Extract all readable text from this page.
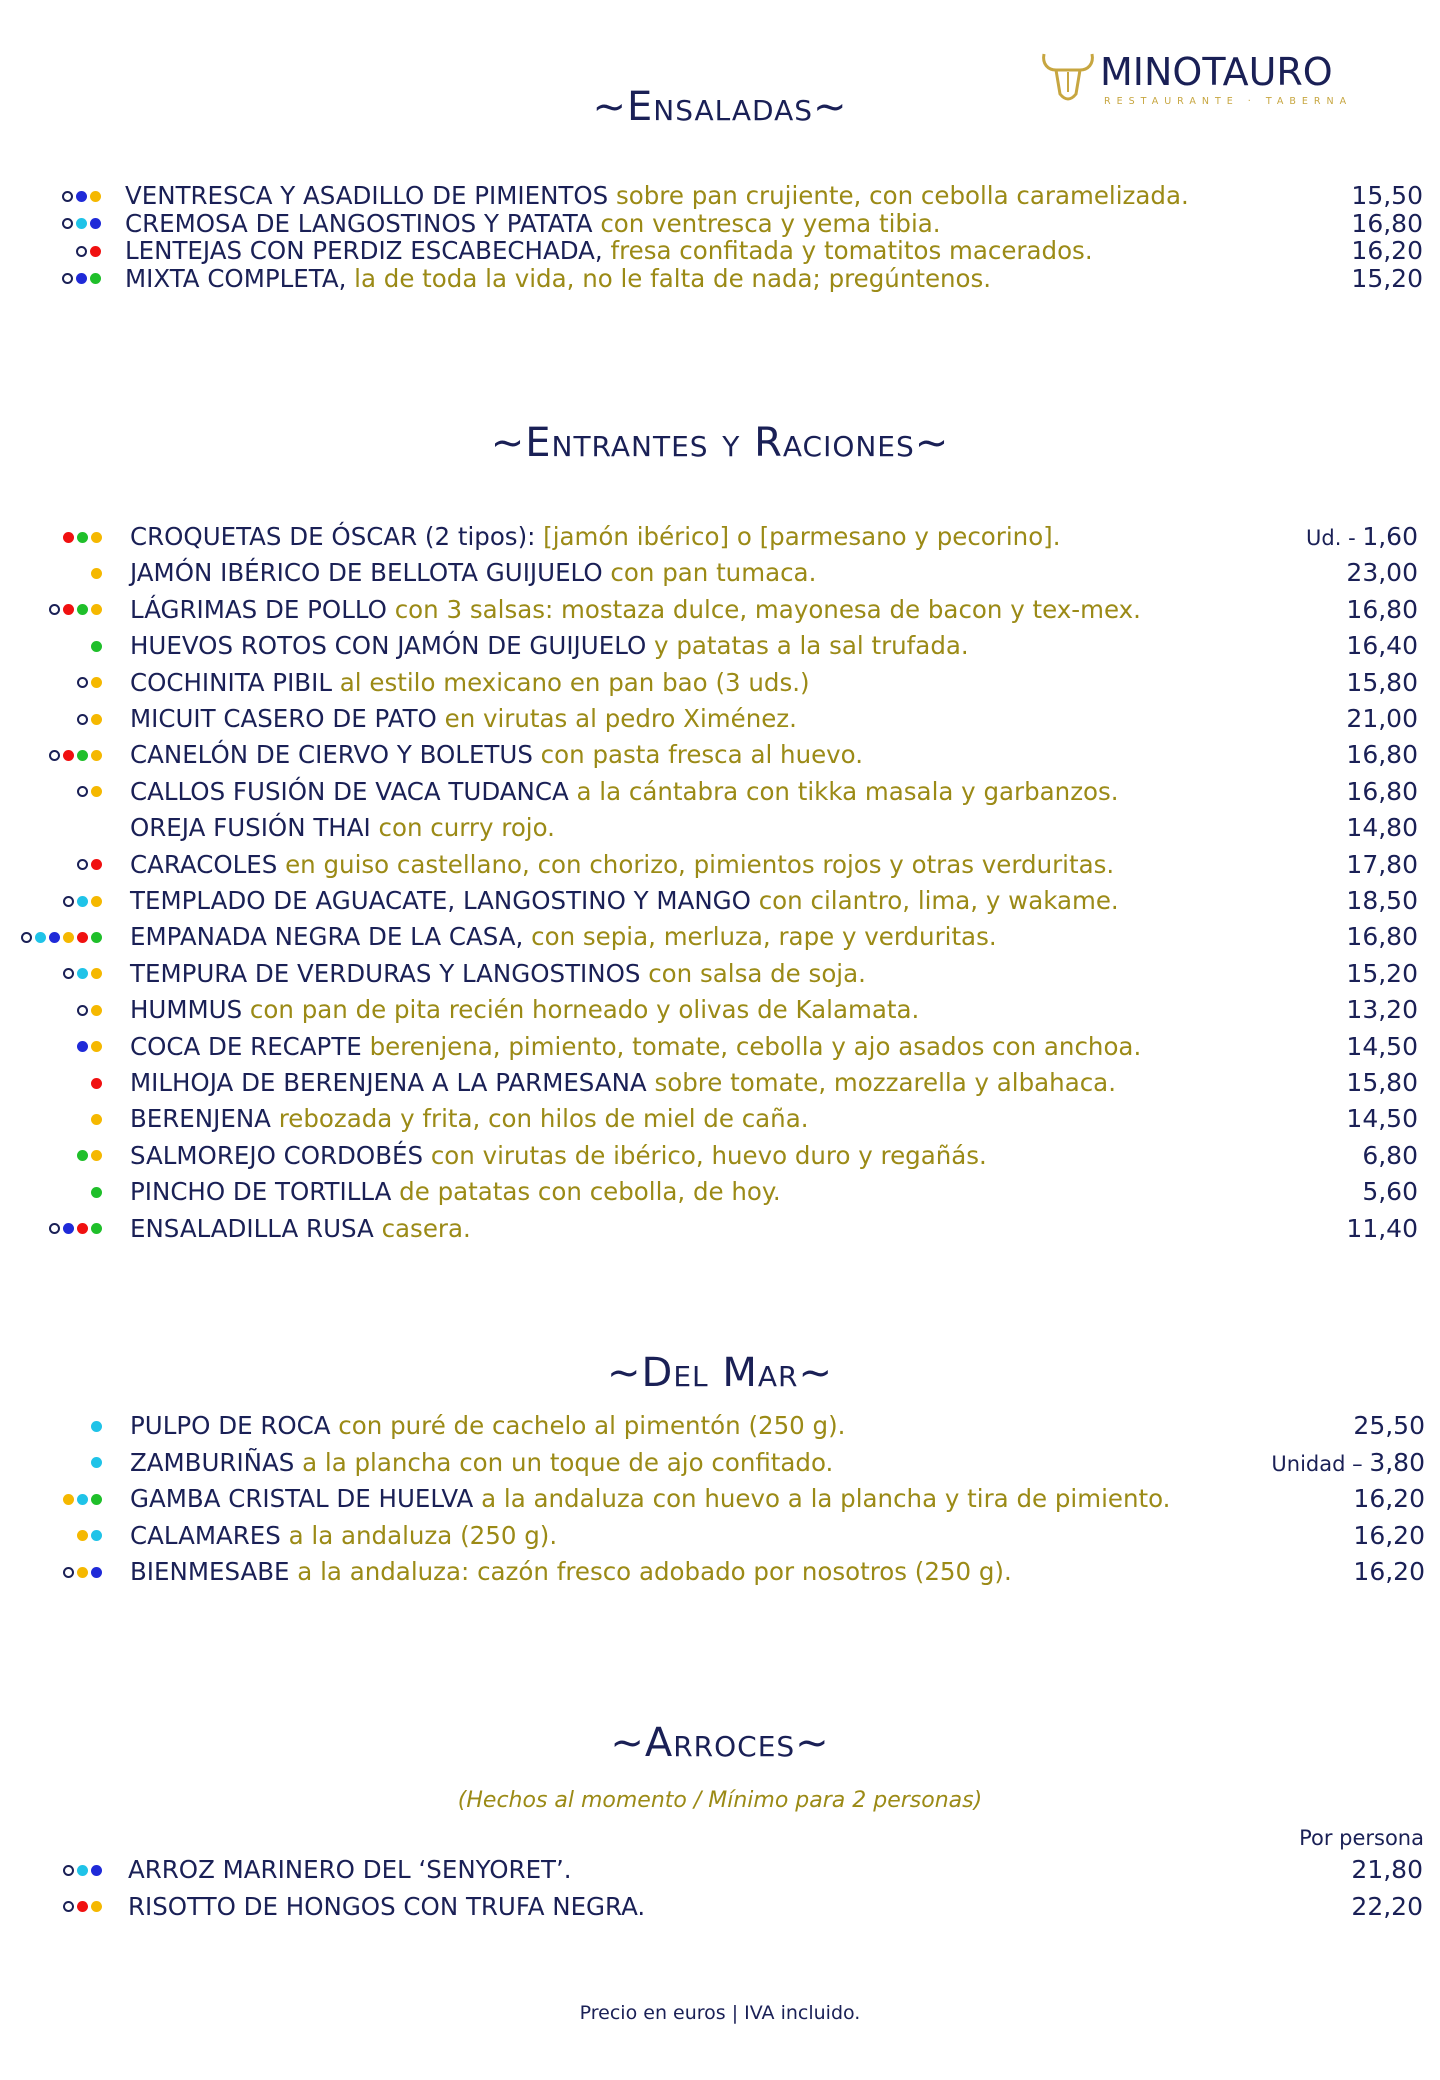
MINOTAURO
RESTAURANTE · TABERNA
~Ensaladas~
VENTRESCA Y ASADILLO DE PIMIENTOS sobre pan crujiente, con cebolla caramelizada.	15,50
CREMOSA DE LANGOSTINOS Y PATATA con ventresca y yema tibia.	16,80
LENTEJAS CON PERDIZ ESCABECHADA, fresa confitada y tomatitos macerados.	16,20
MIXTA COMPLETA, la de toda la vida, no le falta de nada; pregúntenos.	15,20
~Entrantes y Raciones~
CROQUETAS DE ÓSCAR (2 tipos): [jamón ibérico] o [parmesano y pecorino].	Ud. - 1,60
JAMÓN IBÉRICO DE BELLOTA GUIJUELO con pan tumaca.	23,00
LÁGRIMAS DE POLLO con 3 salsas: mostaza dulce, mayonesa de bacon y tex-mex.	16,80
HUEVOS ROTOS CON JAMÓN DE GUIJUELO y patatas a la sal trufada.	16,40
COCHINITA PIBIL al estilo mexicano en pan bao (3 uds.)	15,80
MICUIT CASERO DE PATO en virutas al pedro Ximénez.	21,00
CANELÓN DE CIERVO Y BOLETUS con pasta fresca al huevo.	16,80
CALLOS FUSIÓN DE VACA TUDANCA a la cántabra con tikka masala y garbanzos.	16,80
OREJA FUSIÓN THAI con curry rojo.	14,80
CARACOLES en guiso castellano, con chorizo, pimientos rojos y otras verduritas.	17,80
TEMPLADO DE AGUACATE, LANGOSTINO Y MANGO con cilantro, lima, y wakame.	18,50
EMPANADA NEGRA DE LA CASA, con sepia, merluza, rape y verduritas.	16,80
TEMPURA DE VERDURAS Y LANGOSTINOS con salsa de soja.	15,20
HUMMUS con pan de pita recién horneado y olivas de Kalamata.	13,20
COCA DE RECAPTE berenjena, pimiento, tomate, cebolla y ajo asados con anchoa.	14,50
MILHOJA DE BERENJENA A LA PARMESANA sobre tomate, mozzarella y albahaca.	15,80
BERENJENA rebozada y frita, con hilos de miel de caña.	14,50
SALMOREJO CORDOBÉS con virutas de ibérico, huevo duro y regañás.	6,80
PINCHO DE TORTILLA de patatas con cebolla, de hoy.	5,60
ENSALADILLA RUSA casera.	11,40
~Del Mar~
PULPO DE ROCA con puré de cachelo al pimentón (250 g).	25,50
ZAMBURIÑAS a la plancha con un toque de ajo confitado.	Unidad – 3,80
GAMBA CRISTAL DE HUELVA a la andaluza con huevo a la plancha y tira de pimiento.	16,20
CALAMARES a la andaluza (250 g).	16,20
BIENMESABE a la andaluza: cazón fresco adobado por nosotros (250 g).	16,20
~Arroces~
(Hechos al momento / Mínimo para 2 personas)
Por persona
ARROZ MARINERO DEL ‘SENYORET’.	21,80
RISOTTO DE HONGOS CON TRUFA NEGRA.	22,20
Precio en euros | IVA incluido.
